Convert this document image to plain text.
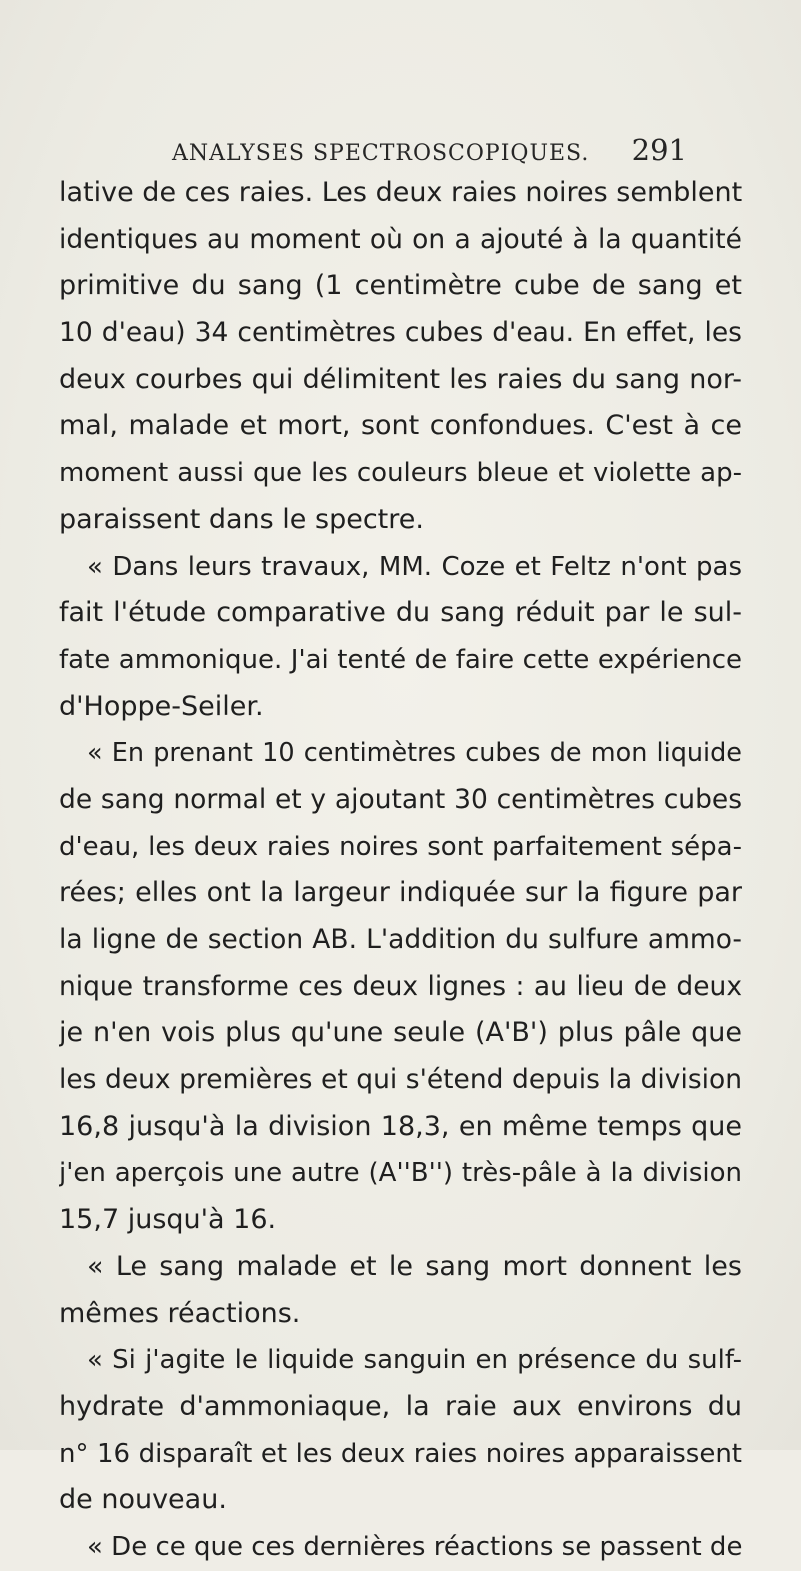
ANALYSES SPECTROSCOPIQUES. 291
lative de ces raies. Les deux raies noires semblent
identiques au moment où on a ajouté à la quantité
primitive du sang (1 centimètre cube de sang et
10 d'eau) 34 centimètres cubes d'eau. En effet, les
deux courbes qui délimitent les raies du sang nor-
mal, malade et mort, sont confondues. C'est à ce
moment aussi que les couleurs bleue et violette ap-
paraissent dans le spectre.
« Dans leurs travaux, MM. Coze et Feltz n'ont pas
fait l'étude comparative du sang réduit par le sul-
fate ammonique. J'ai tenté de faire cette expérience
d'Hoppe-Seiler.
« En prenant 10 centimètres cubes de mon liquide
de sang normal et y ajoutant 30 centimètres cubes
d'eau, les deux raies noires sont parfaitement sépa-
rées; elles ont la largeur indiquée sur la figure par
la ligne de section AB. L'addition du sulfure ammo-
nique transforme ces deux lignes : au lieu de deux
je n'en vois plus qu'une seule (A'B') plus pâle que
les deux premières et qui s'étend depuis la division
16,8 jusqu'à la division 18,3, en même temps que
j'en aperçois une autre (A''B'') très-pâle à la division
15,7 jusqu'à 16.
« Le sang malade et le sang mort donnent les
mêmes réactions.
« Si j'agite le liquide sanguin en présence du sulf-
hydrate d'ammoniaque, la raie aux environs du
n° 16 disparaît et les deux raies noires apparaissent
de nouveau.
« De ce que ces dernières réactions se passent de
